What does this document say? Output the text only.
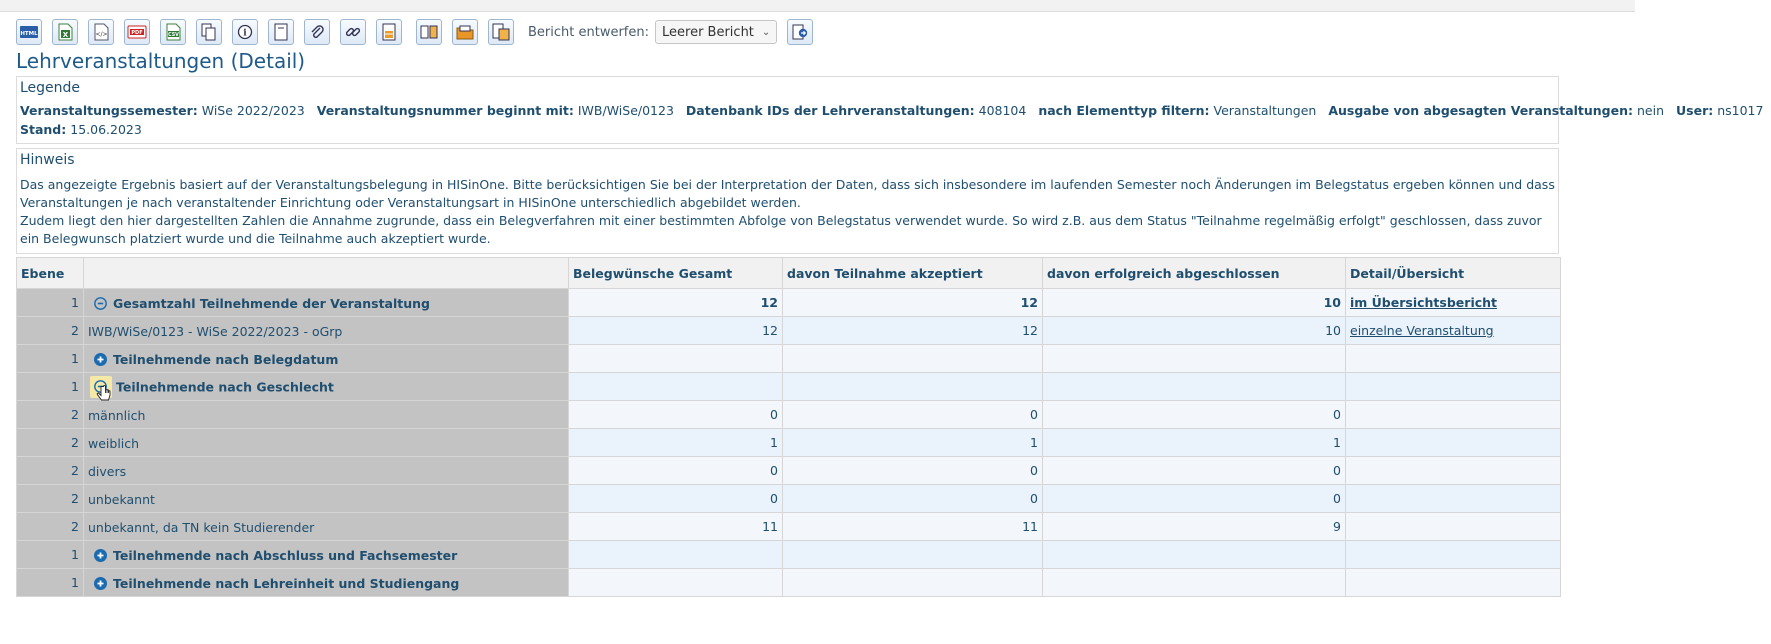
HTML	X	</>	PDF	CSV	i	Bericht entwerfen: Leerer Bericht ⌄
Lehrveranstaltungen (Detail)
Legende
Veranstaltungssemester: WiSe 2022/2023 Veranstaltungsnummer beginnt mit: IWB/WiSe/0123 Datenbank IDs der Lehrveranstaltungen: 408104 nach Elementtyp filtern: Veranstaltungen Ausgabe von abgesagten Veranstaltungen: nein User: ns1017
Stand: 15.06.2023
Hinweis
Das angezeigte Ergebnis basiert auf der Veranstaltungsbelegung in HISinOne. Bitte berücksichtigen Sie bei der Interpretation der Daten, dass sich insbesondere im laufenden Semester noch Änderungen im Belegstatus ergeben können und dass Veranstaltungen je nach veranstaltender Einrichtung oder Veranstaltungsart in HISinOne unterschiedlich abgebildet werden.
Zudem liegt den hier dargestellten Zahlen die Annahme zugrunde, dass ein Belegverfahren mit einer bestimmten Abfolge von Belegstatus verwendet wurde. So wird z.B. aus dem Status "Teilnahme regelmäßig erfolgt" geschlossen, dass zuvor ein Belegwunsch platziert wurde und die Teilnahme auch akzeptiert wurde.
Ebene		Belegwünsche Gesamt	davon Teilnahme akzeptiert	davon erfolgreich abgeschlossen	Detail/Übersicht
1	Gesamtzahl Teilnehmende der Veranstaltung	12	12	10	im Übersichtsbericht
2	IWB/WiSe/0123 - WiSe 2022/2023 - oGrp	12	12	10	einzelne Veranstaltung
1	Teilnehmende nach Belegdatum				
1	Teilnehmende nach Geschlecht				
2	männlich	0	0	0	
2	weiblich	1	1	1	
2	divers	0	0	0	
2	unbekannt	0	0	0	
2	unbekannt, da TN kein Studierender	11	11	9	
1	Teilnehmende nach Abschluss und Fachsemester				
1	Teilnehmende nach Lehreinheit und Studiengang				
